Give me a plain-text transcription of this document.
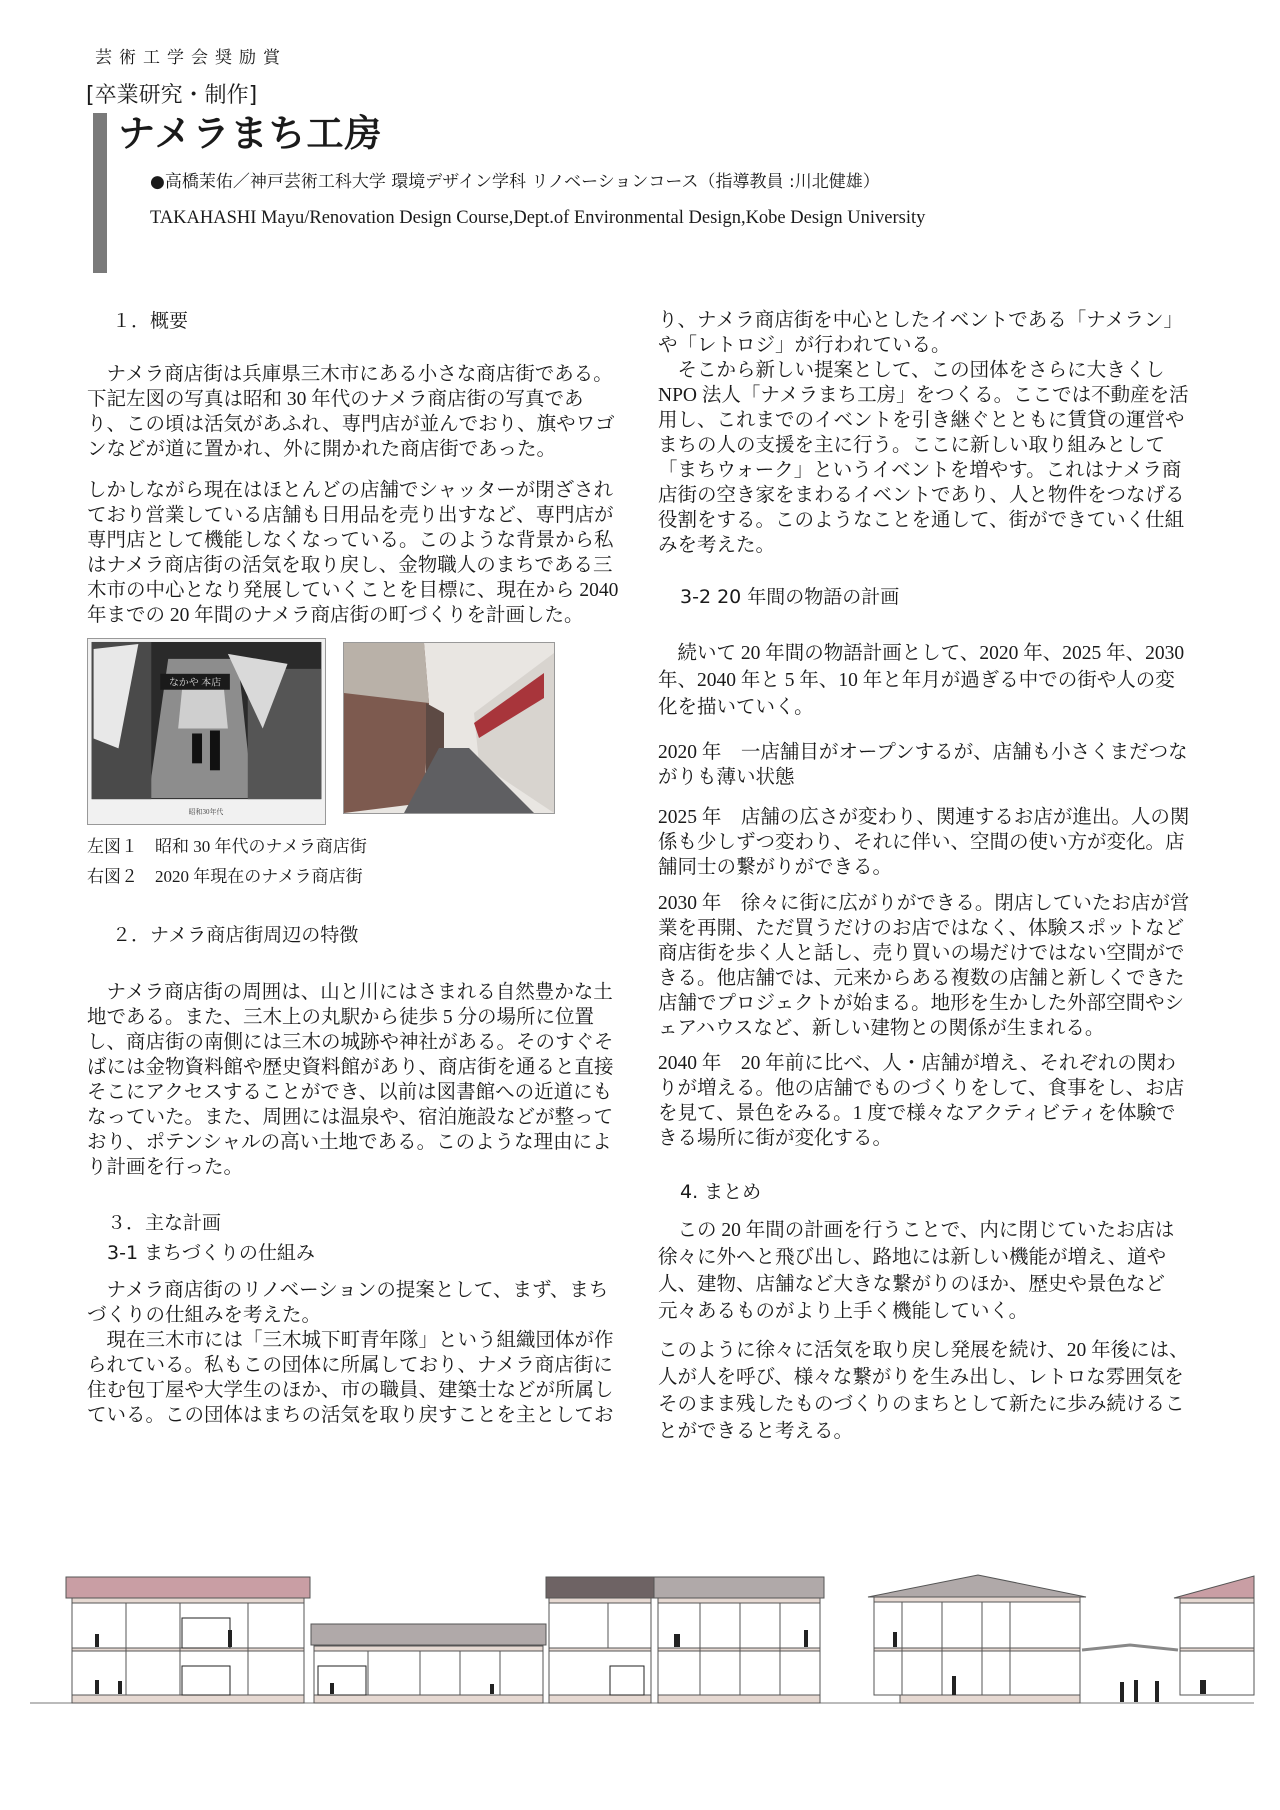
芸術工学会奨励賞
[卒業研究・制作]
ナメラまち工房
●高橋茉佑／神戸芸術工科大学 環境デザイン学科 リノベーションコース（指導教員 :川北健雄）
TAKAHASHI Mayu/Renovation Design Course,Dept.of Environmental Design,Kobe Design University
１．概要
　ナメラ商店街は兵庫県三木市にある小さな商店街である。
下記左図の写真は昭和 30 年代のナメラ商店街の写真であ
り、この頃は活気があふれ、専門店が並んでおり、旗やワゴ
ンなどが道に置かれ、外に開かれた商店街であった。
しかしながら現在はほとんどの店舗でシャッターが閉ざされ
ており営業している店舗も日用品を売り出すなど、専門店が
専門店として機能しなくなっている。このような背景から私
はナメラ商店街の活気を取り戻し、金物職人のまちである三
木市の中心となり発展していくことを目標に、現在から 2040
年までの 20 年間のナメラ商店街の町づくりを計画した。
なかや 本店
昭和30年代
左図１　昭和 30 年代のナメラ商店街
右図２　2020 年現在のナメラ商店街
２．ナメラ商店街周辺の特徴
　ナメラ商店街の周囲は、山と川にはさまれる自然豊かな土
地である。また、三木上の丸駅から徒歩 5 分の場所に位置
し、商店街の南側には三木の城跡や神社がある。そのすぐそ
ばには金物資料館や歴史資料館があり、商店街を通ると直接
そこにアクセスすることができ、以前は図書館への近道にも
なっていた。また、周囲には温泉や、宿泊施設などが整って
おり、ポテンシャルの高い土地である。このような理由によ
り計画を行った。
３．主な計画
3-1 まちづくりの仕組み
　ナメラ商店街のリノベーションの提案として、まず、まち
づくりの仕組みを考えた。
　現在三木市には「三木城下町青年隊」という組織団体が作
られている。私もこの団体に所属しており、ナメラ商店街に
住む包丁屋や大学生のほか、市の職員、建築士などが所属し
ている。この団体はまちの活気を取り戻すことを主としてお
り、ナメラ商店街を中心としたイベントである「ナメラン」
や「レトロジ」が行われている。
　そこから新しい提案として、この団体をさらに大きくし
NPO 法人「ナメラまち工房」をつくる。ここでは不動産を活
用し、これまでのイベントを引き継ぐとともに賃貸の運営や
まちの人の支援を主に行う。ここに新しい取り組みとして
「まちウォーク」というイベントを増やす。これはナメラ商
店街の空き家をまわるイベントであり、人と物件をつなげる
役割をする。このようなことを通して、街ができていく仕組
みを考えた。
3-2 20 年間の物語の計画
　続いて 20 年間の物語計画として、2020 年、2025 年、2030
年、2040 年と 5 年、10 年と年月が過ぎる中での街や人の変
化を描いていく。
2020 年　一店舗目がオープンするが、店舗も小さくまだつな
がりも薄い状態
2025 年　店舗の広さが変わり、関連するお店が進出。人の関
係も少しずつ変わり、それに伴い、空間の使い方が変化。店
舗同士の繋がりができる。
2030 年　徐々に街に広がりができる。閉店していたお店が営
業を再開、ただ買うだけのお店ではなく、体験スポットなど
商店街を歩く人と話し、売り買いの場だけではない空間がで
きる。他店舗では、元来からある複数の店舗と新しくできた
店舗でプロジェクトが始まる。地形を生かした外部空間やシ
ェアハウスなど、新しい建物との関係が生まれる。
2040 年　20 年前に比べ、人・店舗が増え、それぞれの関わ
りが増える。他の店舗でものづくりをして、食事をし、お店
を見て、景色をみる。1 度で様々なアクティビティを体験で
きる場所に街が変化する。
4. まとめ
　この 20 年間の計画を行うことで、内に閉じていたお店は
徐々に外へと飛び出し、路地には新しい機能が増え、道や
人、建物、店舗など大きな繋がりのほか、歴史や景色など
元々あるものがより上手く機能していく。
このように徐々に活気を取り戻し発展を続け、20 年後には、
人が人を呼び、様々な繋がりを生み出し、レトロな雰囲気を
そのまま残したものづくりのまちとして新たに歩み続けるこ
とができると考える。
